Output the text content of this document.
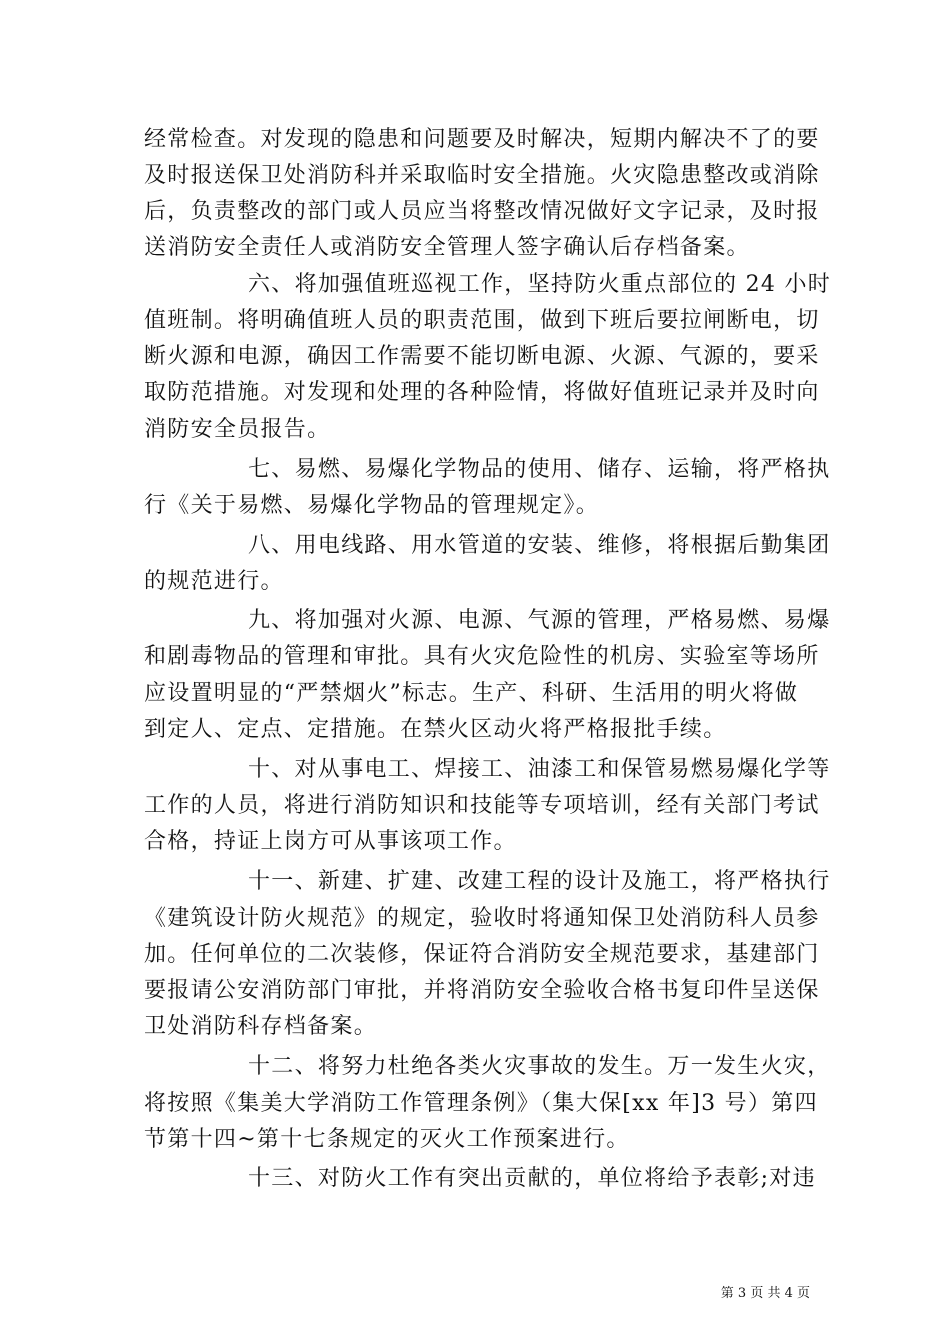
经常检查。对发现的隐患和问题要及时解决，短期内解决不了的要
及时报送保卫处消防科并采取临时安全措施。火灾隐患整改或消除
后，负责整改的部门或人员应当将整改情况做好文字记录，及时报
送消防安全责任人或消防安全管理人签字确认后存档备案。
六、将加强值班巡视工作，坚持防火重点部位的 24 小时
值班制。将明确值班人员的职责范围，做到下班后要拉闸断电，切
断火源和电源，确因工作需要不能切断电源、火源、气源的，要采
取防范措施。对发现和处理的各种险情，将做好值班记录并及时向
消防安全员报告。
七、易燃、易爆化学物品的使用、储存、运输，将严格执
行《关于易燃、易爆化学物品的管理规定》。
八、用电线路、用水管道的安装、维修，将根据后勤集团
的规范进行。
九、将加强对火源、电源、气源的管理，严格易燃、易爆
和剧毒物品的管理和审批。具有火灾危险性的机房、实验室等场所
应设置明显的“严禁烟火”标志。生产、科研、生活用的明火将做
到定人、定点、定措施。在禁火区动火将严格报批手续。
十、对从事电工、焊接工、油漆工和保管易燃易爆化学等
工作的人员，将进行消防知识和技能等专项培训，经有关部门考试
合格，持证上岗方可从事该项工作。
十一、新建、扩建、改建工程的设计及施工，将严格执行
《建筑设计防火规范》的规定，验收时将通知保卫处消防科人员参
加。任何单位的二次装修，保证符合消防安全规范要求，基建部门
要报请公安消防部门审批，并将消防安全验收合格书复印件呈送保
卫处消防科存档备案。
十二、将努力杜绝各类火灾事故的发生。万一发生火灾，
将按照《集美大学消防工作管理条例》（集大保[xx 年]3 号）第四
节第十四~第十七条规定的灭火工作预案进行。
十三、对防火工作有突出贡献的，单位将给予表彰;对违
第 3 页 共 4 页
